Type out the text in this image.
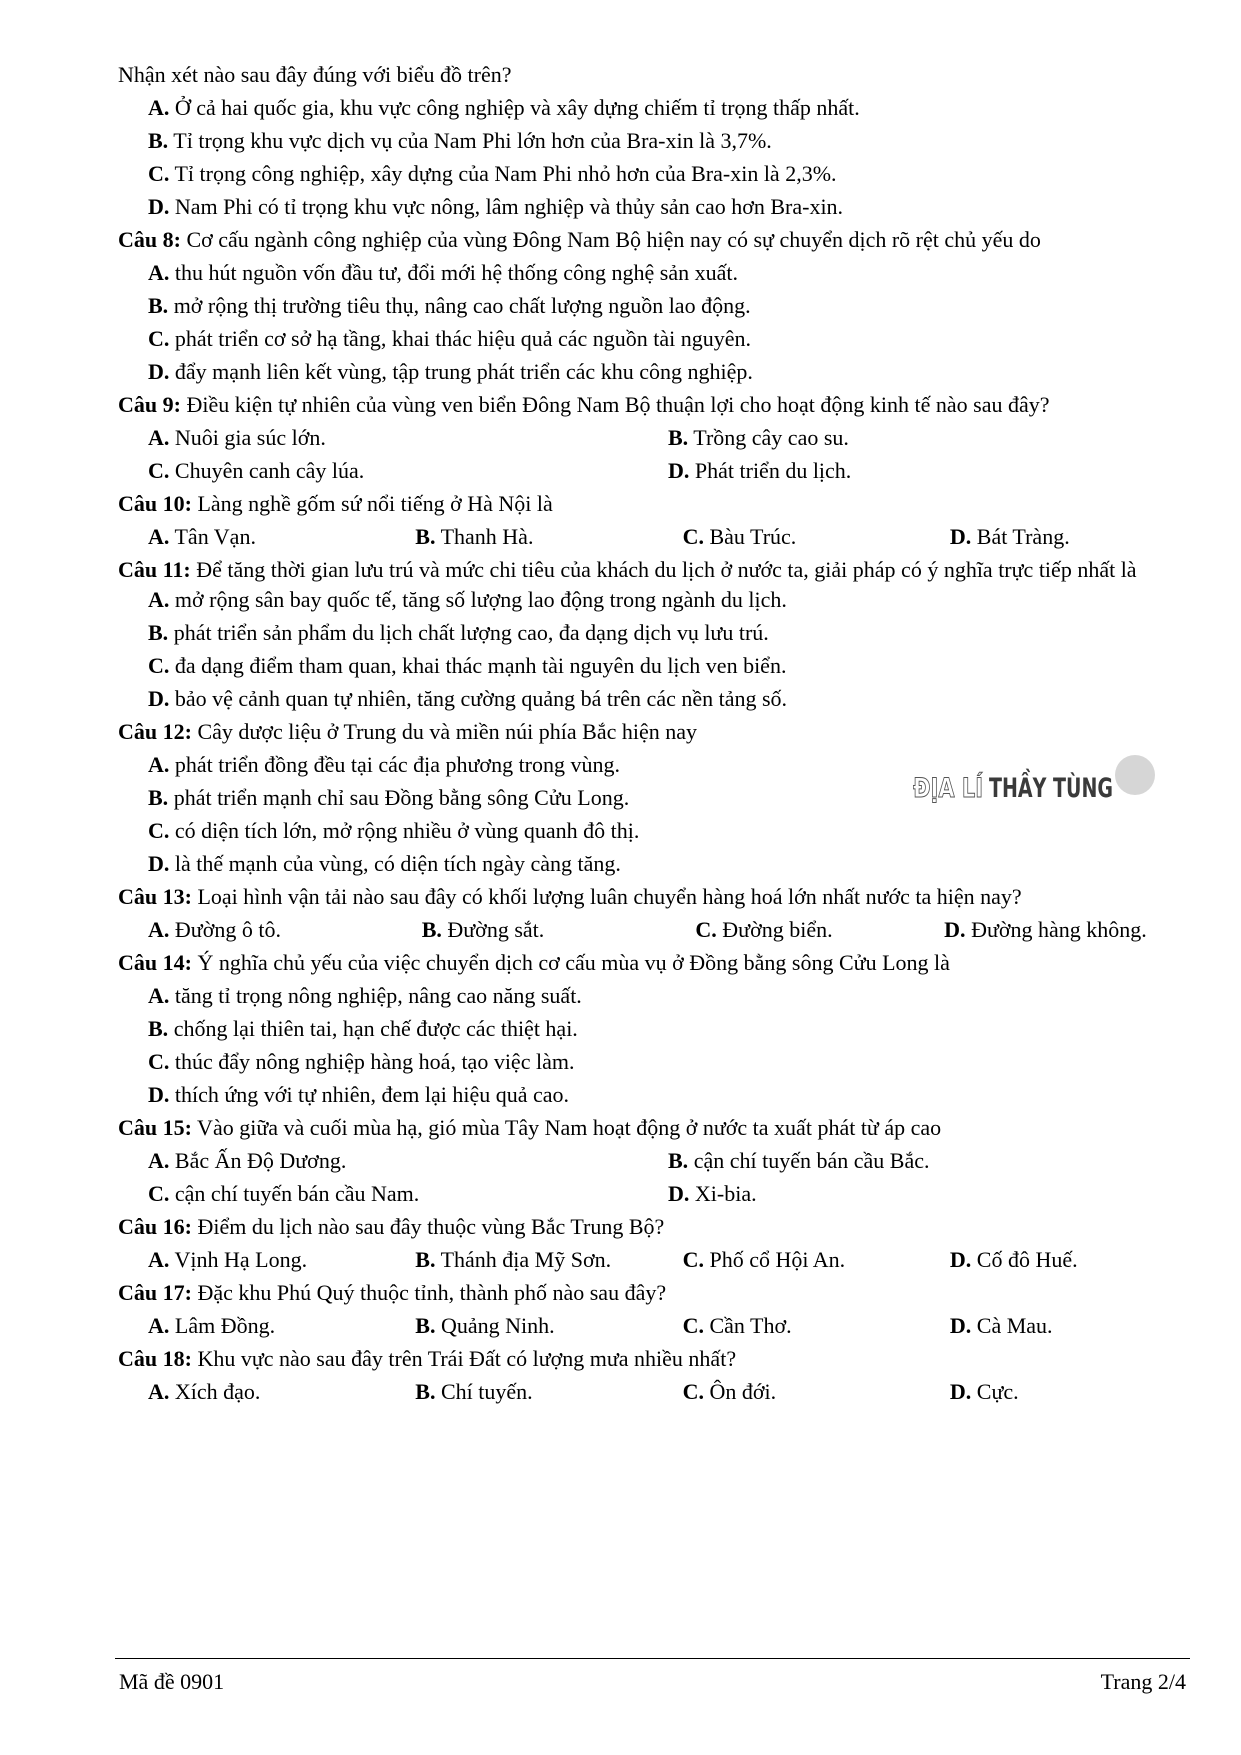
Nhận xét nào sau đây đúng với biểu đồ trên?
A. Ở cả hai quốc gia, khu vực công nghiệp và xây dựng chiếm tỉ trọng thấp nhất.
B. Tỉ trọng khu vực dịch vụ của Nam Phi lớn hơn của Bra-xin là 3,7%.
C. Tỉ trọng công nghiệp, xây dựng của Nam Phi nhỏ hơn của Bra-xin là 2,3%.
D. Nam Phi có tỉ trọng khu vực nông, lâm nghiệp và thủy sản cao hơn Bra-xin.
Câu 8: Cơ cấu ngành công nghiệp của vùng Đông Nam Bộ hiện nay có sự chuyển dịch rõ rệt chủ yếu do
A. thu hút nguồn vốn đầu tư, đổi mới hệ thống công nghệ sản xuất.
B. mở rộng thị trường tiêu thụ, nâng cao chất lượng nguồn lao động.
C. phát triển cơ sở hạ tầng, khai thác hiệu quả các nguồn tài nguyên.
D. đẩy mạnh liên kết vùng, tập trung phát triển các khu công nghiệp.
Câu 9: Điều kiện tự nhiên của vùng ven biển Đông Nam Bộ thuận lợi cho hoạt động kinh tế nào sau đây?
A. Nuôi gia súc lớn.	B. Trồng cây cao su.
C. Chuyên canh cây lúa.	D. Phát triển du lịch.
Câu 10: Làng nghề gốm sứ nổi tiếng ở Hà Nội là
A. Tân Vạn.	B. Thanh Hà.	C. Bàu Trúc.	D. Bát Tràng.
Câu 11: Để tăng thời gian lưu trú và mức chi tiêu của khách du lịch ở nước ta, giải pháp có ý nghĩa trực tiếp nhất là
A. mở rộng sân bay quốc tế, tăng số lượng lao động trong ngành du lịch.
B. phát triển sản phẩm du lịch chất lượng cao, đa dạng dịch vụ lưu trú.
C. đa dạng điểm tham quan, khai thác mạnh tài nguyên du lịch ven biển.
D. bảo vệ cảnh quan tự nhiên, tăng cường quảng bá trên các nền tảng số.
Câu 12: Cây dược liệu ở Trung du và miền núi phía Bắc hiện nay
A. phát triển đồng đều tại các địa phương trong vùng.
B. phát triển mạnh chỉ sau Đồng bằng sông Cửu Long.
C. có diện tích lớn, mở rộng nhiều ở vùng quanh đô thị.
D. là thế mạnh của vùng, có diện tích ngày càng tăng.
ĐỊA LÍ
THẦY TÙNG
Câu 13: Loại hình vận tải nào sau đây có khối lượng luân chuyển hàng hoá lớn nhất nước ta hiện nay?
A. Đường ô tô.	B. Đường sắt.	C. Đường biển.	D. Đường hàng không.
Câu 14: Ý nghĩa chủ yếu của việc chuyển dịch cơ cấu mùa vụ ở Đồng bằng sông Cửu Long là
A. tăng tỉ trọng nông nghiệp, nâng cao năng suất.
B. chống lại thiên tai, hạn chế được các thiệt hại.
C. thúc đẩy nông nghiệp hàng hoá, tạo việc làm.
D. thích ứng với tự nhiên, đem lại hiệu quả cao.
Câu 15: Vào giữa và cuối mùa hạ, gió mùa Tây Nam hoạt động ở nước ta xuất phát từ áp cao
A. Bắc Ấn Độ Dương.	B. cận chí tuyến bán cầu Bắc.
C. cận chí tuyến bán cầu Nam.	D. Xi-bia.
Câu 16: Điểm du lịch nào sau đây thuộc vùng Bắc Trung Bộ?
A. Vịnh Hạ Long.	B. Thánh địa Mỹ Sơn.	C. Phố cổ Hội An.	D. Cố đô Huế.
Câu 17: Đặc khu Phú Quý thuộc tỉnh, thành phố nào sau đây?
A. Lâm Đồng.	B. Quảng Ninh.	C. Cần Thơ.	D. Cà Mau.
Câu 18: Khu vực nào sau đây trên Trái Đất có lượng mưa nhiều nhất?
A. Xích đạo.	B. Chí tuyến.	C. Ôn đới.	D. Cực.
Mã đề 0901	Trang 2/4
